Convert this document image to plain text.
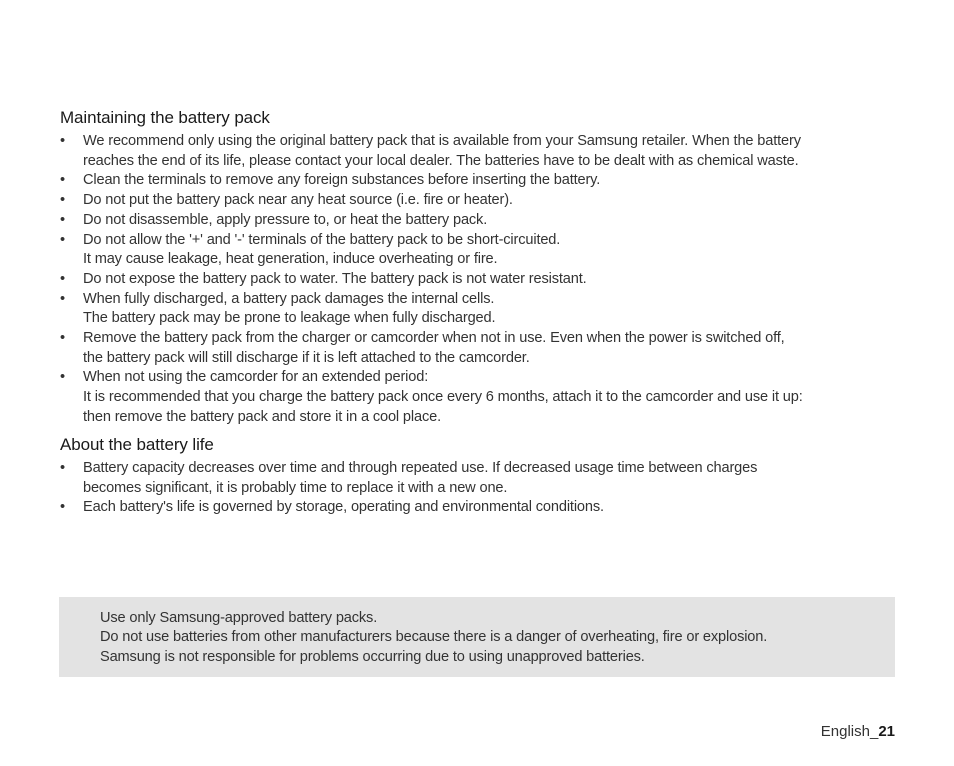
Maintaining the battery pack
• We recommend only using the original battery pack that is available from your Samsung retailer. When the battery
reaches the end of its life, please contact your local dealer. The batteries have to be dealt with as chemical waste.
• Clean the terminals to remove any foreign substances before inserting the battery.
• Do not put the battery pack near any heat source (i.e. fire or heater).
• Do not disassemble, apply pressure to, or heat the battery pack.
• Do not allow the '+' and '-' terminals of the battery pack to be short-circuited.
It may cause leakage, heat generation, induce overheating or fire.
• Do not expose the battery pack to water. The battery pack is not water resistant.
• When fully discharged, a battery pack damages the internal cells.
The battery pack may be prone to leakage when fully discharged.
• Remove the battery pack from the charger or camcorder when not in use. Even when the power is switched off,
the battery pack will still discharge if it is left attached to the camcorder.
• When not using the camcorder for an extended period:
It is recommended that you charge the battery pack once every 6 months, attach it to the camcorder and use it up:
then remove the battery pack and store it in a cool place.
About the battery life
• Battery capacity decreases over time and through repeated use. If decreased usage time between charges
becomes significant, it is probably time to replace it with a new one.
• Each battery's life is governed by storage, operating and environmental conditions.
Use only Samsung-approved battery packs.
Do not use batteries from other manufacturers because there is a danger of overheating, fire or explosion.
Samsung is not responsible for problems occurring due to using unapproved batteries.
English_21
